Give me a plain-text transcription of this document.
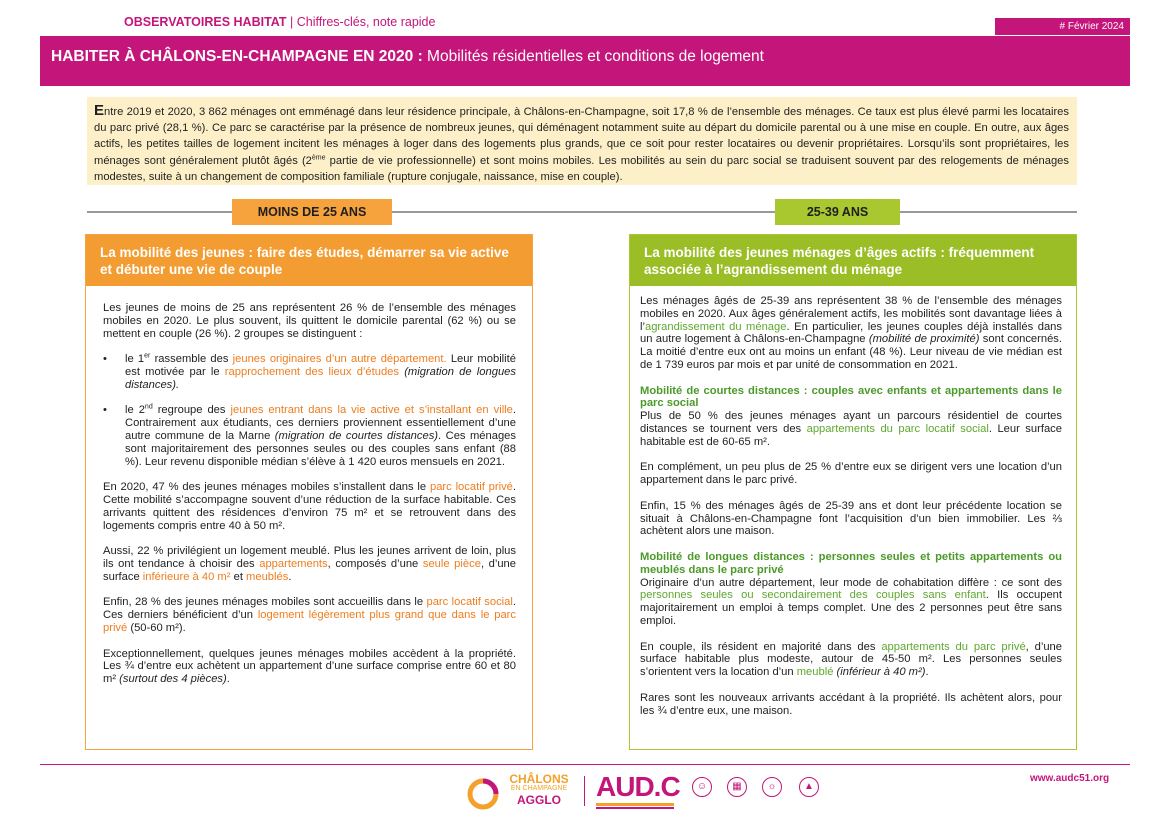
OBSERVATOIRES HABITAT | Chiffres-clés, note rapide	# Février 2024
HABITER À CHÂLONS-EN-CHAMPAGNE EN 2020 : Mobilités résidentielles et conditions de logement
Entre 2019 et 2020, 3 862 ménages ont emménagé dans leur résidence principale, à Châlons-en-Champagne, soit 17,8 % de l’ensemble des ménages. Ce taux est plus élevé parmi les locataires du parc privé (28,1 %). Ce parc se caractérise par la présence de nombreux jeunes, qui déménagent notamment suite au départ du domicile parental ou à une mise en couple. En outre, aux âges actifs, les petites tailles de logement incitent les ménages à loger dans des logements plus grands, que ce soit pour rester locataires ou devenir propriétaires. Lorsqu’ils sont propriétaires, les ménages sont généralement plutôt âgés (2ème partie de vie professionnelle) et sont moins mobiles. Les mobilités au sein du parc social se traduisent souvent par des relogements de ménages modestes, suite à un changement de composition familiale (rupture conjugale, naissance, mise en couple).
MOINS DE 25 ANS	25-39 ANS
La mobilité des jeunes : faire des études, démarrer sa vie active et débuter une vie de couple

Les jeunes de moins de 25 ans représentent 26 % de l’ensemble des ménages mobiles en 2020. Le plus souvent, ils quittent le domicile parental (62 %) ou se mettent en couple (26 %). 2 groupes se distinguent :

• le 1er rassemble des jeunes originaires d’un autre département. Leur mobilité est motivée par le rapprochement des lieux d’études (migration de longues distances).
• le 2nd regroupe des jeunes entrant dans la vie active et s’installant en ville. Contrairement aux étudiants, ces derniers proviennent essentiellement d’une autre commune de la Marne (migration de courtes distances). Ces ménages sont majoritairement des personnes seules ou des couples sans enfant (88 %). Leur revenu disponible médian s’élève à 1 420 euros mensuels en 2021.

En 2020, 47 % des jeunes ménages mobiles s’installent dans le parc locatif privé. Cette mobilité s’accompagne souvent d’une réduction de la surface habitable. Ces arrivants quittent des résidences d’environ 75 m² et se retrouvent dans des logements compris entre 40 à 50 m².

Aussi, 22 % privilégient un logement meublé. Plus les jeunes arrivent de loin, plus ils ont tendance à choisir des appartements, composés d’une seule pièce, d’une surface inférieure à 40 m² et meublés.

Enfin, 28 % des jeunes ménages mobiles sont accueillis dans le parc locatif social. Ces derniers bénéficient d’un logement légèrement plus grand que dans le parc privé (50-60 m²).

Exceptionnellement, quelques jeunes ménages mobiles accèdent à la propriété. Les ¾ d’entre eux achètent un appartement d’une surface comprise entre 60 et 80 m² (surtout des 4 pièces).

La mobilité des jeunes ménages d’âges actifs : fréquemment associée à l’agrandissement du ménage

Les ménages âgés de 25-39 ans représentent 38 % de l’ensemble des ménages mobiles en 2020. Aux âges généralement actifs, les mobilités sont davantage liées à l’agrandissement du ménage. En particulier, les jeunes couples déjà installés dans un autre logement à Châlons-en-Champagne (mobilité de proximité) sont concernés. La moitié d’entre eux ont au moins un enfant (48 %). Leur niveau de vie médian est de 1 739 euros par mois et par unité de consommation en 2021.

Mobilité de courtes distances : couples avec enfants et appartements dans le parc social

Plus de 50 % des jeunes ménages ayant un parcours résidentiel de courtes distances se tournent vers des appartements du parc locatif social. Leur surface habitable est de 60-65 m².

En complément, un peu plus de 25 % d’entre eux se dirigent vers une location d’un appartement dans le parc privé.

Enfin, 15 % des ménages âgés de 25-39 ans et dont leur précédente location se situait à Châlons-en-Champagne font l’acquisition d’un bien immobilier. Les ⅔ achètent alors une maison.

Mobilité de longues distances : personnes seules et petits appartements ou meublés dans le parc privé

Originaire d’un autre département, leur mode de cohabitation diffère : ce sont des personnes seules ou secondairement des couples sans enfant. Ils occupent majoritairement un emploi à temps complet. Une des 2 personnes peut être sans emploi.

En couple, ils résident en majorité dans des appartements du parc privé, d’une surface habitable plus modeste, autour de 45-50 m². Les personnes seules s’orientent vers la location d’un meublé (inférieur à 40 m²).

Rares sont les nouveaux arrivants accédant à la propriété. Ils achètent alors, pour les ¾ d’entre eux, une maison.

CHÂLONS
EN CHAMPAGNE
AGGLO	AUD.C	☺	▦	☼	▲
www.audc51.org
